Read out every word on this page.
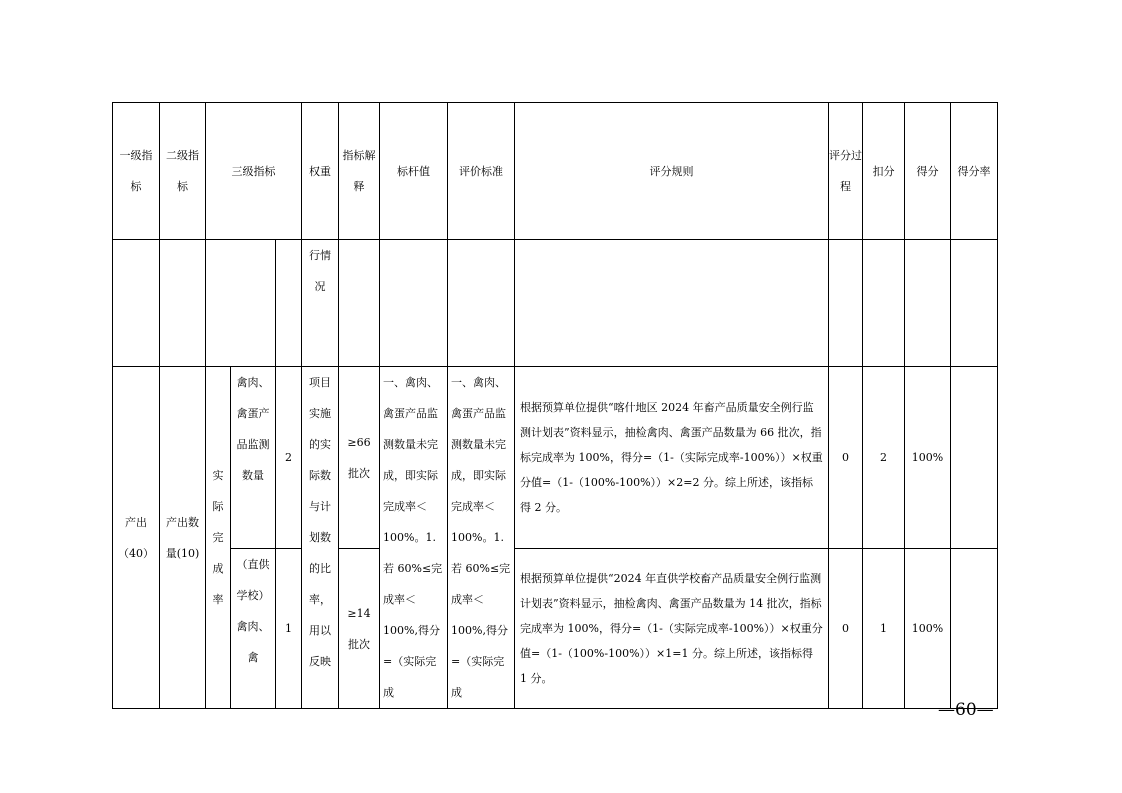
一级指标	二级指标	三级指标			权重	指标解释	标杆值	评价标准	评分规则	评分过程	扣分	得分	得分率	
					行情况									
产出（40）	产出数量(10)	实际完成率	禽肉、禽蛋产品监测数量	2	项目实施的实际数与计划数的比率，用以反映	≥66批次	一、禽肉、禽蛋产品监测数量未完成，即实际完成率＜100%。1. 若 60%≤完成率＜100%,得分=（实际完成	一、禽肉、禽蛋产品监测数量未完成，即实际完成率＜100%。1. 若 60%≤完成率＜100%,得分=（实际完成	根据预算单位提供“喀什地区 2024 年畜产品质量安全例行监测计划表”资料显示，抽检禽肉、禽蛋产品数量为 66 批次，指标完成率为 100%，得分=（1-（实际完成率-100%））×权重分值=（1-（100%-100%））×2=2 分。综上所述，该指标得 2 分。	0	2	100%		
			（直供学校）禽肉、禽	1		≥14批次			根据预算单位提供“2024 年直供学校畜产品质量安全例行监测计划表”资料显示，抽检禽肉、禽蛋产品数量为 14 批次，指标完成率为 100%，得分=（1-（实际完成率-100%））×权重分值=（1-（100%-100%））×1=1 分。综上所述，该指标得 1 分。	0	1	100%		
—60—
